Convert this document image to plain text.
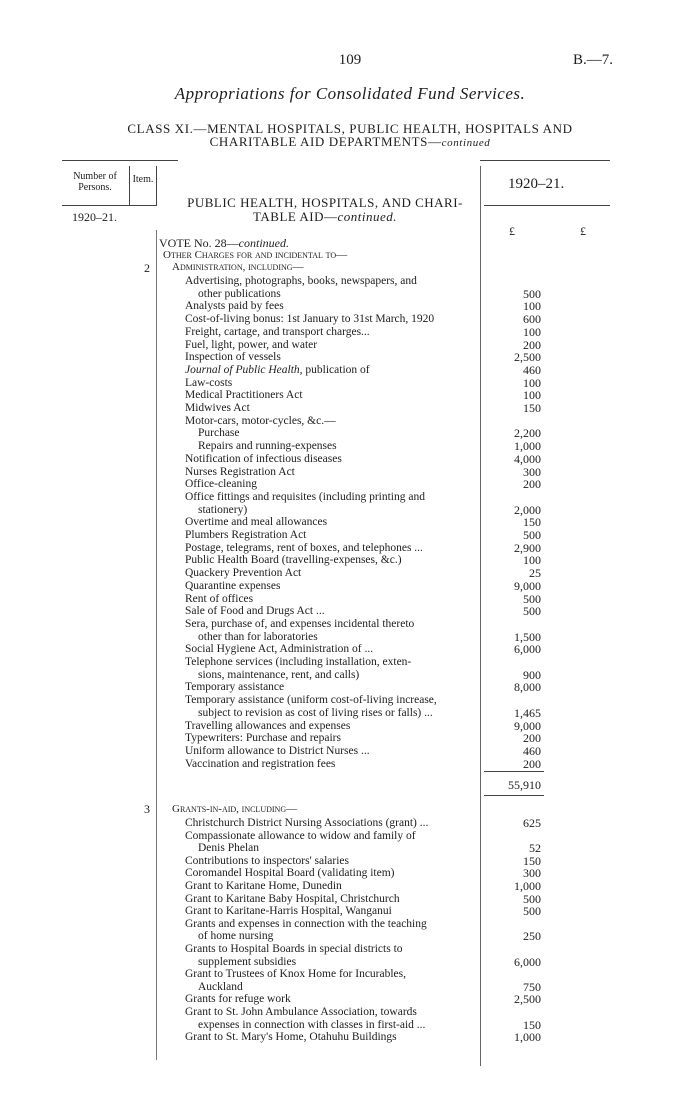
109	B.—7.
Appropriations for Consolidated Fund Services.
CLASS XI.—MENTAL HOSPITALS, PUBLIC HEALTH, HOSPITALS AND
CHARITABLE AID DEPARTMENTS—continued
Number of Persons.
Item.
1920–21.
1920–21.
£	£
PUBLIC HEALTH, HOSPITALS, AND CHARI-
TABLE AID—continued.
VOTE No. 28—continued.
Other Charges for and incidental to—
2	Administration, including—
Advertising, photographs, books, newspapers, and
other publications	500
Analysts paid by fees	100
Cost-of-living bonus: 1st January to 31st March, 1920	600
Freight, cartage, and transport charges...	100
Fuel, light, power, and water	200
Inspection of vessels	2,500
Journal of Public Health, publication of	460
Law-costs	100
Medical Practitioners Act	100
Midwives Act	150
Motor-cars, motor-cycles, &c.—
Purchase	2,200
Repairs and running-expenses	1,000
Notification of infectious diseases	4,000
Nurses Registration Act	300
Office-cleaning	200
Office fittings and requisites (including printing and
stationery)	2,000
Overtime and meal allowances	150
Plumbers Registration Act	500
Postage, telegrams, rent of boxes, and telephones ...	2,900
Public Health Board (travelling-expenses, &c.)	100
Quackery Prevention Act	25
Quarantine expenses	9,000
Rent of offices	500
Sale of Food and Drugs Act ...	500
Sera, purchase of, and expenses incidental thereto
other than for laboratories	1,500
Social Hygiene Act, Administration of ...	6,000
Telephone services (including installation, exten-
sions, maintenance, rent, and calls)	900
Temporary assistance	8,000
Temporary assistance (uniform cost-of-living increase,
subject to revision as cost of living rises or falls) ...	1,465
Travelling allowances and expenses	9,000
Typewriters: Purchase and repairs	200
Uniform allowance to District Nurses ...	460
Vaccination and registration fees	200
55,910
3	Grants-in-aid, including—
Christchurch District Nursing Associations (grant) ...	625
Compassionate allowance to widow and family of
Denis Phelan	52
Contributions to inspectors' salaries	150
Coromandel Hospital Board (validating item)	300
Grant to Karitane Home, Dunedin	1,000
Grant to Karitane Baby Hospital, Christchurch	500
Grant to Karitane-Harris Hospital, Wanganui	500
Grants and expenses in connection with the teaching
of home nursing	250
Grants to Hospital Boards in special districts to
supplement subsidies	6,000
Grant to Trustees of Knox Home for Incurables,
Auckland	750
Grants for refuge work	2,500
Grant to St. John Ambulance Association, towards
expenses in connection with classes in first-aid ...	150
Grant to St. Mary's Home, Otahuhu Buildings	1,000
